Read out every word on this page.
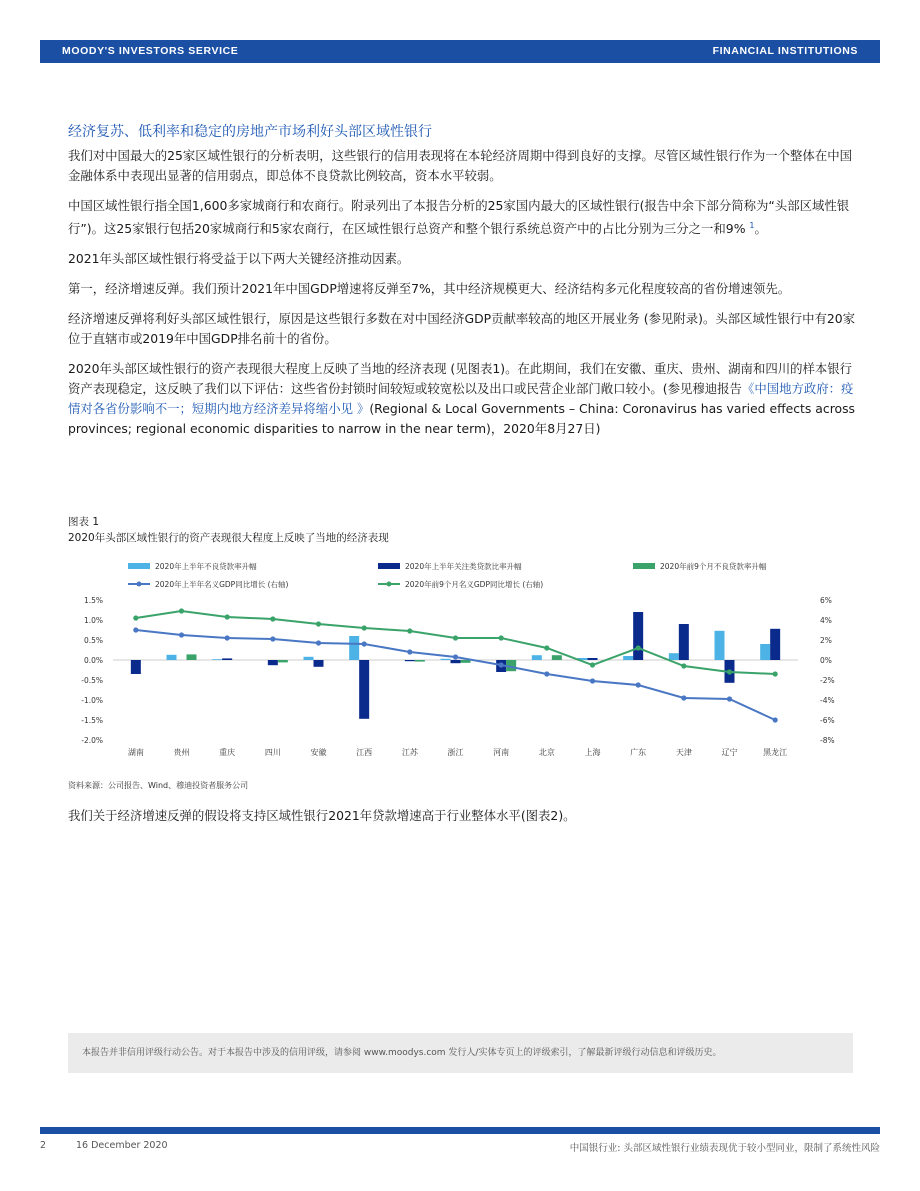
MOODY'S INVESTORS SERVICE	FINANCIAL INSTITUTIONS
经济复苏、低利率和稳定的房地产市场利好头部区域性银行

我们对中国最大的25家区域性银行的分析表明，这些银行的信用表现将在本轮经济周期中得到良好的支撑。尽管区域性银行作为一个整体在中国金融体系中表现出显著的信用弱点，即总体不良贷款比例较高，资本水平较弱。

中国区域性银行指全国1,600多家城商行和农商行。附录列出了本报告分析的25家国内最大的区域性银行(报告中余下部分简称为“头部区域性银行”)。这25家银行包括20家城商行和5家农商行，在区域性银行总资产和整个银行系统总资产中的占比分别为三分之一和9% $^1$。

2021年头部区域性银行将受益于以下两大关键经济推动因素。

第一，经济增速反弹。我们预计2021年中国GDP增速将反弹至7%，其中经济规模更大、经济结构多元化程度较高的省份增速领先。

经济增速反弹将利好头部区域性银行，原因是这些银行多数在对中国经济GDP贡献率较高的地区开展业务 (参见附录)。头部区域性银行中有20家位于直辖市或2019年中国GDP排名前十的省份。

2020年头部区域性银行的资产表现很大程度上反映了当地的经济表现 (见图表1)。在此期间，我们在安徽、重庆、贵州、湖南和四川的样本银行资产表现稳定，这反映了我们以下评估：这些省份封锁时间较短或较宽松以及出口或民营企业部门敞口较小。(参见穆迪报告《中国地方政府：疫情对各省份影响不一；短期内地方经济差异将缩小见 》(Regional & Local Governments – China: Coronavirus has varied effects across provinces; regional economic disparities to narrow in the near term)，2020年8月27日)

图表 1
2020年头部区域性银行的资产表现很大程度上反映了当地的经济表现
2020年上半年不良贷款率升幅	2020年上半年关注类贷款比率升幅	2020年前9个月不良贷款率升幅
2020年上半年名义GDP同比增长 (右轴)	2020年前9个月名义GDP同比增长 (右轴)
-2.0%
-1.5%
-1.0%
-0.5%
0.0%
0.5%
1.0%
1.5%
-8%
-6%
-4%
-2%
0%
2%
4%
6%
湖南	贵州	重庆	四川	安徽	江西	江苏	浙江	河南	北京	上海	广东	天津	辽宁	黑龙江
资料来源：公司报告、Wind、穆迪投资者服务公司
我们关于经济增速反弹的假设将支持区域性银行2021年贷款增速高于行业整体水平(图表2)。
本报告并非信用评级行动公告。对于本报告中涉及的信用评级，请参阅 www.moodys.com 发行人/实体专页上的评级索引，了解最新评级行动信息和评级历史。
2	16 December 2020	中国银行业: 头部区域性银行业绩表现优于较小型同业，限制了系统性风险
